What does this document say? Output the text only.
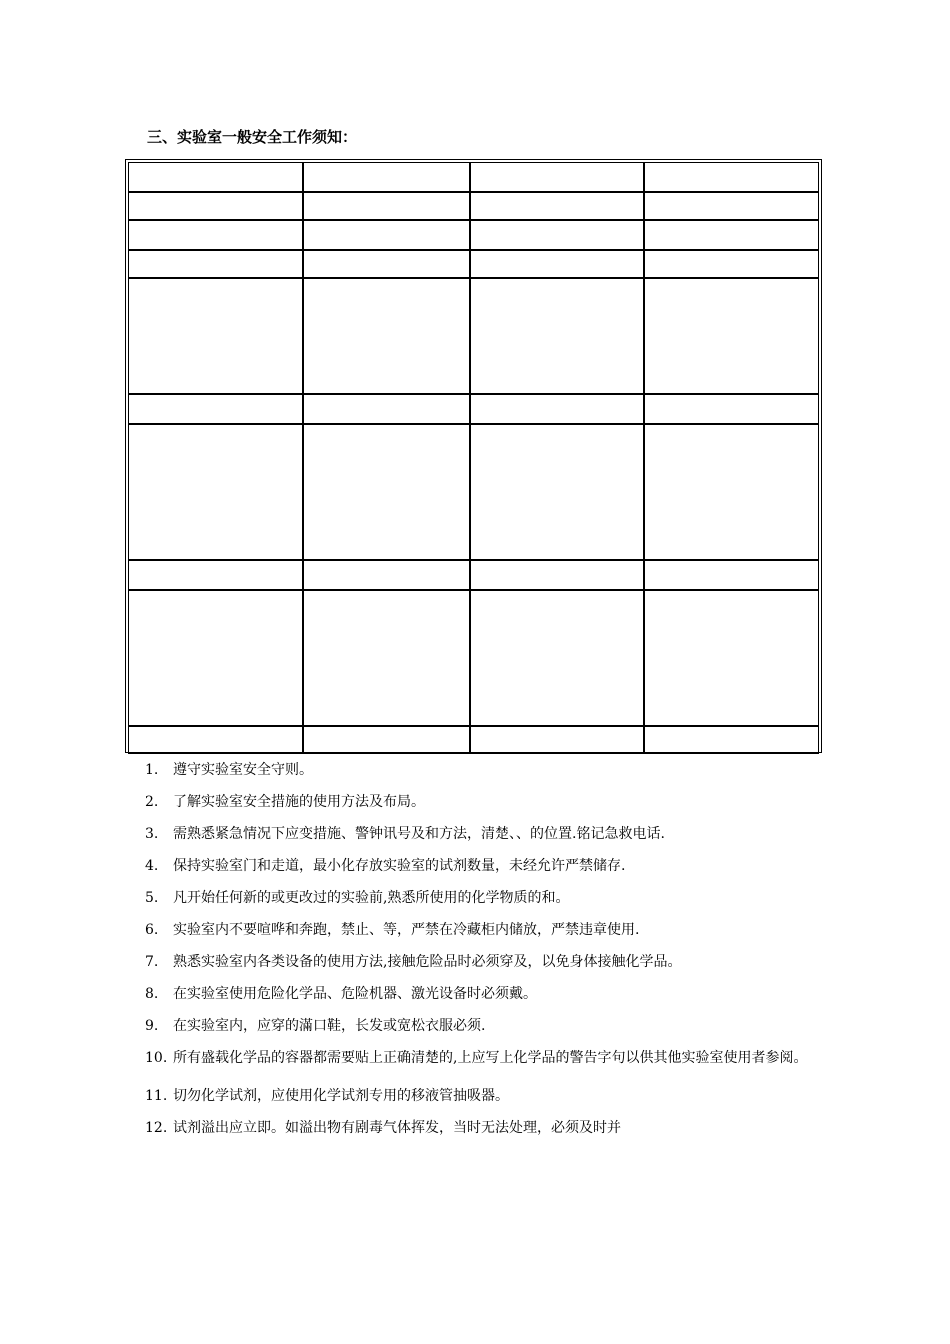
三、实验室一般安全工作须知：

1. 遵守实验室安全守则。
2. 了解实验室安全措施的使用方法及布局。
3. 需熟悉紧急情况下应变措施、警钟讯号及和方法，清楚、、的位置.铭记急救电话.
4. 保持实验室门和走道，最小化存放实验室的试剂数量，未经允许严禁储存.
5. 凡开始任何新的或更改过的实验前,熟悉所使用的化学物质的和。
6. 实验室内不要喧哗和奔跑，禁止、等，严禁在冷藏柜内储放，严禁违章使用.
7. 熟悉实验室内各类设备的使用方法,接触危险品时必须穿及，以免身体接触化学品。
8. 在实验室使用危险化学品、危险机器、激光设备时必须戴。
9. 在实验室内，应穿的滿口鞋，长发或宽松衣服必须.
10. 所有盛载化学品的容器都需要贴上正确清楚的,上应写上化学品的警告字句以供其他实验室使用者参阅。
11. 切勿化学试剂，应使用化学试剂专用的移液管抽吸器。
12. 试剂溢出应立即。如溢出物有剧毒气体挥发，当时无法处理，必须及时并
